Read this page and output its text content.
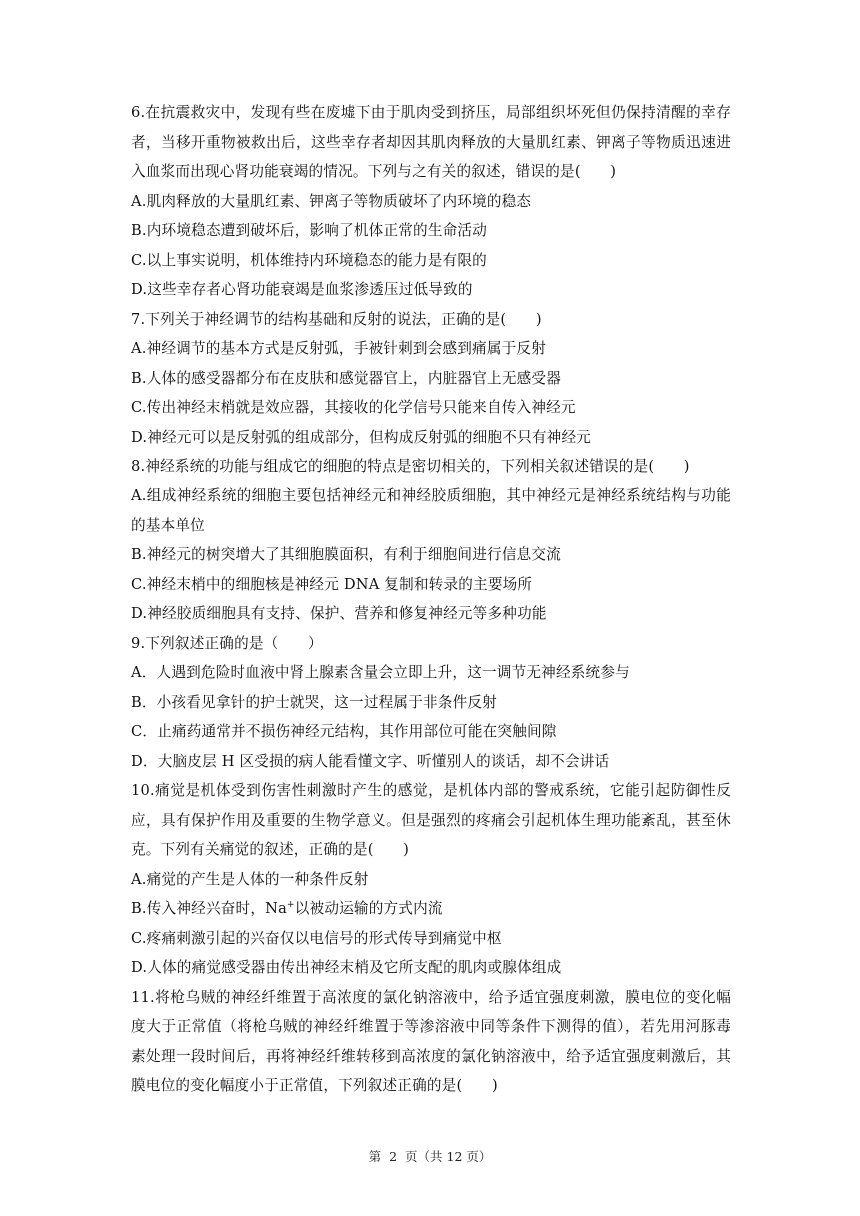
6.在抗震救灾中，发现有些在废墟下由于肌肉受到挤压，局部组织坏死但仍保持清醒的幸存
者，当移开重物被救出后，这些幸存者却因其肌肉释放的大量肌红素、钾离子等物质迅速进
入血浆而出现心肾功能衰竭的情况。下列与之有关的叙述，错误的是(　　)
A.肌肉释放的大量肌红素、钾离子等物质破坏了内环境的稳态
B.内环境稳态遭到破坏后，影响了机体正常的生命活动
C.以上事实说明，机体维持内环境稳态的能力是有限的
D.这些幸存者心肾功能衰竭是血浆渗透压过低导致的
7.下列关于神经调节的结构基础和反射的说法，正确的是(　　)
A.神经调节的基本方式是反射弧，手被针刺到会感到痛属于反射
B.人体的感受器都分布在皮肤和感觉器官上，内脏器官上无感受器
C.传出神经末梢就是效应器，其接收的化学信号只能来自传入神经元
D.神经元可以是反射弧的组成部分，但构成反射弧的细胞不只有神经元
8.神经系统的功能与组成它的细胞的特点是密切相关的，下列相关叙述错误的是(　　)
A.组成神经系统的细胞主要包括神经元和神经胶质细胞，其中神经元是神经系统结构与功能
的基本单位
B.神经元的树突增大了其细胞膜面积，有利于细胞间进行信息交流
C.神经末梢中的细胞核是神经元 DNA 复制和转录的主要场所
D.神经胶质细胞具有支持、保护、营养和修复神经元等多种功能
9.下列叙述正确的是（　　）
A．人遇到危险时血液中肾上腺素含量会立即上升，这一调节无神经系统参与
B．小孩看见拿针的护士就哭，这一过程属于非条件反射
C．止痛药通常并不损伤神经元结构，其作用部位可能在突触间隙
D．大脑皮层 H 区受损的病人能看懂文字、听懂别人的谈话，却不会讲话
10.痛觉是机体受到伤害性刺激时产生的感觉，是机体内部的警戒系统，它能引起防御性反
应，具有保护作用及重要的生物学意义。但是强烈的疼痛会引起机体生理功能紊乱，甚至休
克。下列有关痛觉的叙述，正确的是(　　)
A.痛觉的产生是人体的一种条件反射
B.传入神经兴奋时，Na+以被动运输的方式内流
C.疼痛刺激引起的兴奋仅以电信号的形式传导到痛觉中枢
D.人体的痛觉感受器由传出神经末梢及它所支配的肌肉或腺体组成
11.将枪乌贼的神经纤维置于高浓度的氯化钠溶液中，给予适宜强度刺激，膜电位的变化幅
度大于正常值（将枪乌贼的神经纤维置于等渗溶液中同等条件下测得的值），若先用河豚毒
素处理一段时间后，再将神经纤维转移到高浓度的氯化钠溶液中，给予适宜强度刺激后，其
膜电位的变化幅度小于正常值，下列叙述正确的是(　　)
第 2 页（共 12 页）
